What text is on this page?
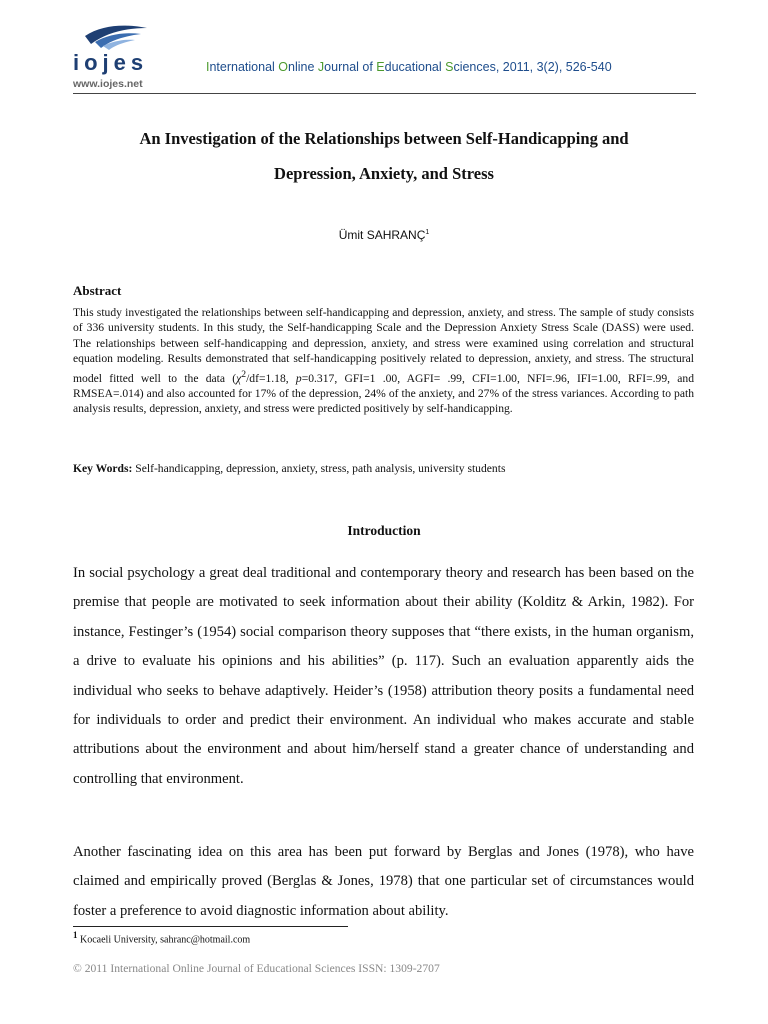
iojes
www.iojes.net
International Online Journal of Educational Sciences, 2011, 3(2), 526-540
An Investigation of the Relationships between Self-Handicapping and
Depression, Anxiety, and Stress
Ümit SAHRANÇ$^1$
Abstract
This study investigated the relationships between self-handicapping and depression, anxiety, and stress. The sample of study consists of 336 university students. In this study, the Self-handicapping Scale and the Depression Anxiety Stress Scale (DASS) were used. The relationships between self-handicapping and depression, anxiety, and stress were examined using correlation and structural equation modeling. Results demonstrated that self-handicapping positively related to depression, anxiety, and stress. The structural model fitted well to the data ($\chi^2/df=1.18$, p=0.317, GFI=1 .00, AGFI= .99, CFI=1.00, NFI=.96, IFI=1.00, RFI=.99, and RMSEA=.014) and also accounted for 17% of the depression, 24% of the anxiety, and 27% of the stress variances. According to path analysis results, depression, anxiety, and stress were predicted positively by self-handicapping.
Key Words: Self-handicapping, depression, anxiety, stress, path analysis, university students
Introduction
In social psychology a great deal traditional and contemporary theory and research has been based on the premise that people are motivated to seek information about their ability (Kolditz & Arkin, 1982). For instance, Festinger’s (1954) social comparison theory supposes that “there exists, in the human organism, a drive to evaluate his opinions and his abilities” (p. 117). Such an evaluation apparently aids the individual who seeks to behave adaptively. Heider’s (1958) attribution theory posits a fundamental need for individuals to order and predict their environment. An individual who makes accurate and stable attributions about the environment and about him/herself stand a greater chance of understanding and controlling that environment.
Another fascinating idea on this area has been put forward by Berglas and Jones (1978), who have claimed and empirically proved (Berglas & Jones, 1978) that one particular set of circumstances would foster a preference to avoid diagnostic information about ability.
$^1$ Kocaeli University, sahranc@hotmail.com
© 2011 International Online Journal of Educational Sciences ISSN: 1309-2707
